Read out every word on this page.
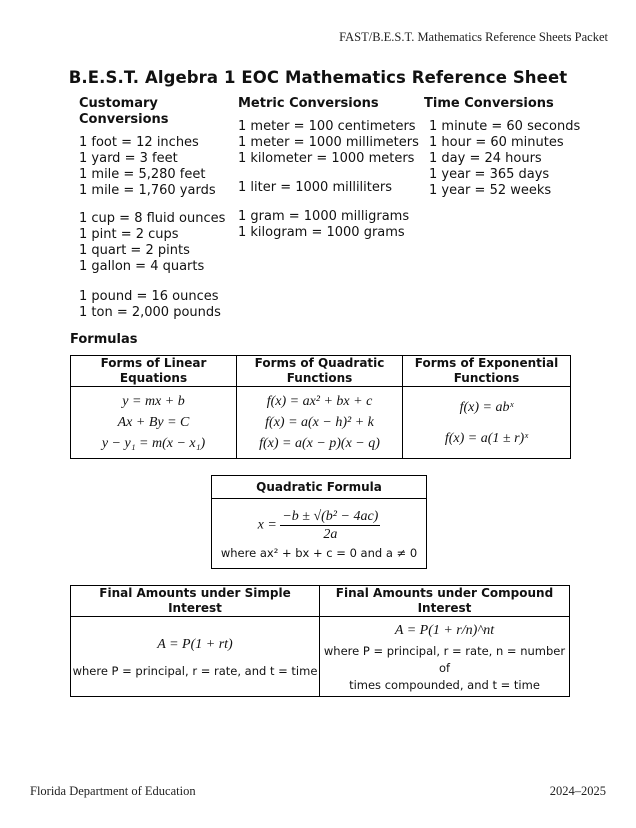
FAST/B.E.S.T. Mathematics Reference Sheets Packet
B.E.S.T. Algebra 1 EOC Mathematics Reference Sheet
Customary
Conversions
1 foot = 12 inches
1 yard = 3 feet
1 mile = 5,280 feet
1 mile = 1,760 yards
1 cup = 8 fluid ounces
1 pint = 2 cups
1 quart = 2 pints
1 gallon = 4 quarts
1 pound = 16 ounces
1 ton = 2,000 pounds
Metric Conversions
1 meter = 100 centimeters
1 meter = 1000 millimeters
1 kilometer = 1000 meters
1 liter = 1000 milliliters
1 gram = 1000 milligrams
1 kilogram = 1000 grams
Time Conversions
1 minute = 60 seconds
1 hour = 60 minutes
1 day = 24 hours
1 year = 365 days
1 year = 52 weeks
Formulas
Forms of Linear Equations	Forms of Quadratic Functions	Forms of Exponential Functions

y = mx + b
Ax + By = C
y − y₁ = m(x − x₁)

f(x) = ax² + bx + c
f(x) = a(x − h)² + k
f(x) = a(x − p)(x − q)

f(x) = abˣ
f(x) = a(1 ± r)ˣ
Quadratic Formula

$x = \frac{\text{−b ± √(b² − 4ac)}}{2a}$
where ax² + bx + c = 0 and a ≠ 0
Final Amounts under Simple Interest	Final Amounts under Compound Interest

A = P(1 + rt)
where P = principal, r = rate, and t = time

A = P(1 + r/n)^nt
where P = principal, r = rate, n = number of
times compounded, and t = time
Florida Department of Education	2024–2025
